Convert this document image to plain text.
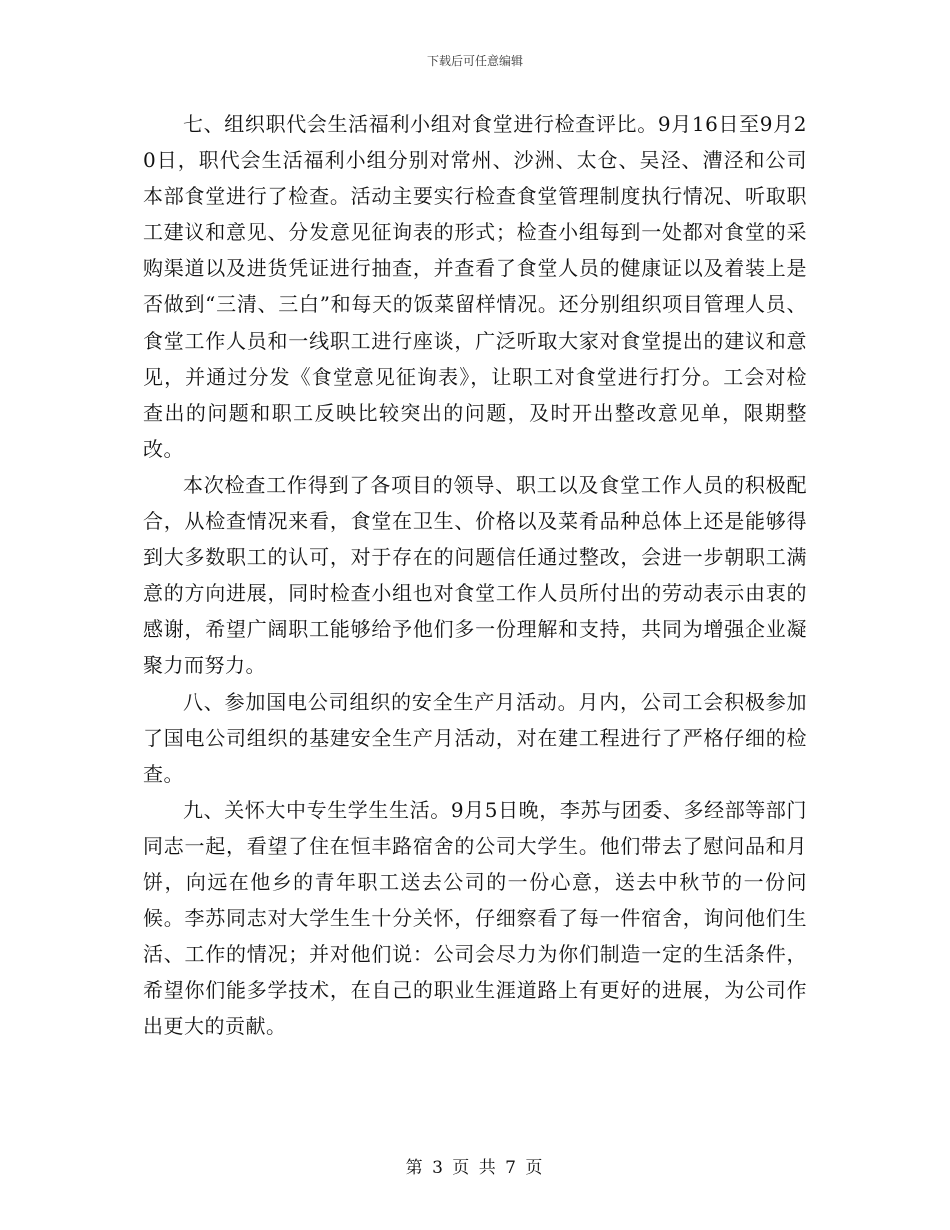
下载后可任意编辑

七、组织职代会生活福利小组对食堂进行检查评比。9月16日至9月20日，职代会生活福利小组分别对常州、沙洲、太仓、吴泾、漕泾和公司本部食堂进行了检查。活动主要实行检查食堂管理制度执行情况、听取职工建议和意见、分发意见征询表的形式；检查小组每到一处都对食堂的采购渠道以及进货凭证进行抽查，并查看了食堂人员的健康证以及着装上是否做到“三清、三白”和每天的饭菜留样情况。还分别组织项目管理人员、食堂工作人员和一线职工进行座谈，广泛听取大家对食堂提出的建议和意见，并通过分发《食堂意见征询表》，让职工对食堂进行打分。工会对检查出的问题和职工反映比较突出的问题，及时开出整改意见单，限期整改。

本次检查工作得到了各项目的领导、职工以及食堂工作人员的积极配合，从检查情况来看，食堂在卫生、价格以及菜肴品种总体上还是能够得到大多数职工的认可，对于存在的问题信任通过整改，会进一步朝职工满意的方向进展，同时检查小组也对食堂工作人员所付出的劳动表示由衷的感谢，希望广阔职工能够给予他们多一份理解和支持，共同为增强企业凝聚力而努力。

八、参加国电公司组织的安全生产月活动。月内，公司工会积极参加了国电公司组织的基建安全生产月活动，对在建工程进行了严格仔细的检查。

九、关怀大中专生学生生活。9月5日晚，李苏与团委、多经部等部门同志一起，看望了住在恒丰路宿舍的公司大学生。他们带去了慰问品和月饼，向远在他乡的青年职工送去公司的一份心意，送去中秋节的一份问候。李苏同志对大学生生十分关怀，仔细察看了每一件宿舍，询问他们生活、工作的情况；并对他们说：公司会尽力为你们制造一定的生活条件，希望你们能多学技术，在自己的职业生涯道路上有更好的进展，为公司作出更大的贡献。

第 3 页 共 7 页
